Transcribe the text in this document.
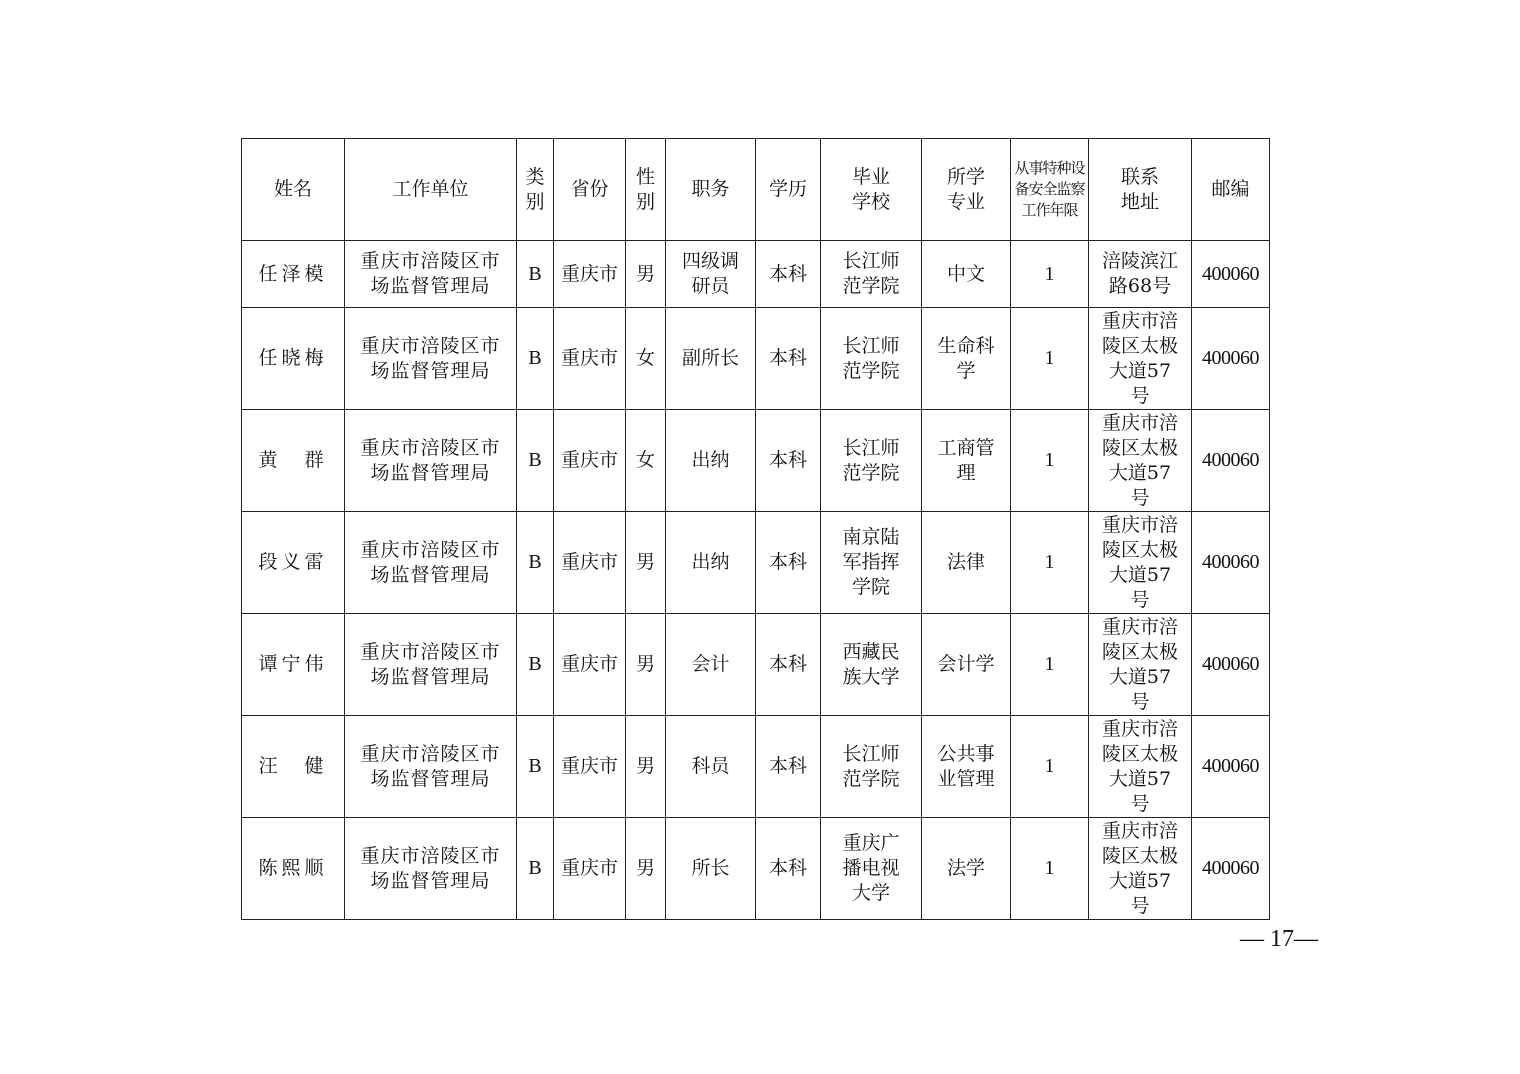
姓名	工作单位	类别	省份	性别	职务	学历	毕业学校	所学专业	从事特种设备安全监察工作年限	联系地址	邮编
任泽模	重庆市涪陵区市场监督管理局	B	重庆市	男	四级调研员	本科	长江师范学院	中文	1	涪陵滨江路68号	400060
任晓梅	重庆市涪陵区市场监督管理局	B	重庆市	女	副所长	本科	长江师范学院	生命科学	1	重庆市涪陵区太极大道57号	400060
黄　群	重庆市涪陵区市场监督管理局	B	重庆市	女	出纳	本科	长江师范学院	工商管理	1	重庆市涪陵区太极大道57号	400060
段义雷	重庆市涪陵区市场监督管理局	B	重庆市	男	出纳	本科	南京陆军指挥学院	法律	1	重庆市涪陵区太极大道57号	400060
谭宁伟	重庆市涪陵区市场监督管理局	B	重庆市	男	会计	本科	西藏民族大学	会计学	1	重庆市涪陵区太极大道57号	400060
汪　健	重庆市涪陵区市场监督管理局	B	重庆市	男	科员	本科	长江师范学院	公共事业管理	1	重庆市涪陵区太极大道57号	400060
陈熙顺	重庆市涪陵区市场监督管理局	B	重庆市	男	所长	本科	重庆广播电视大学	法学	1	重庆市涪陵区太极大道57号	400060
— 17—
